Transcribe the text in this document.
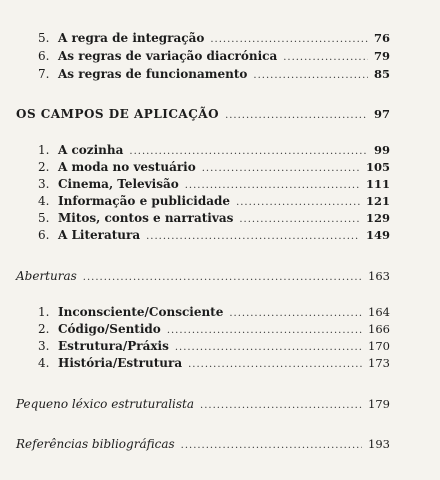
5. A regra de integração .....	76
6. As regras de variação diacrónica .....	79
7. As regras de funcionamento .....	85
OS CAMPOS DE APLICAÇÃO .....	97
1. A cozinha .....	99
2. A moda no vestuário .....	105
3. Cinema, Televisão .....	111
4. Informação e publicidade .....	121
5. Mitos, contos e narrativas .....	129
6. A Literatura .....	149
Aberturas .....	163
1. Inconsciente/Consciente .....	164
2. Código/Sentido .....	166
3. Estrutura/Práxis .....	170
4. História/Estrutura .....	173
Pequeno léxico estruturalista .....	179
Referências bibliográficas .....	193
